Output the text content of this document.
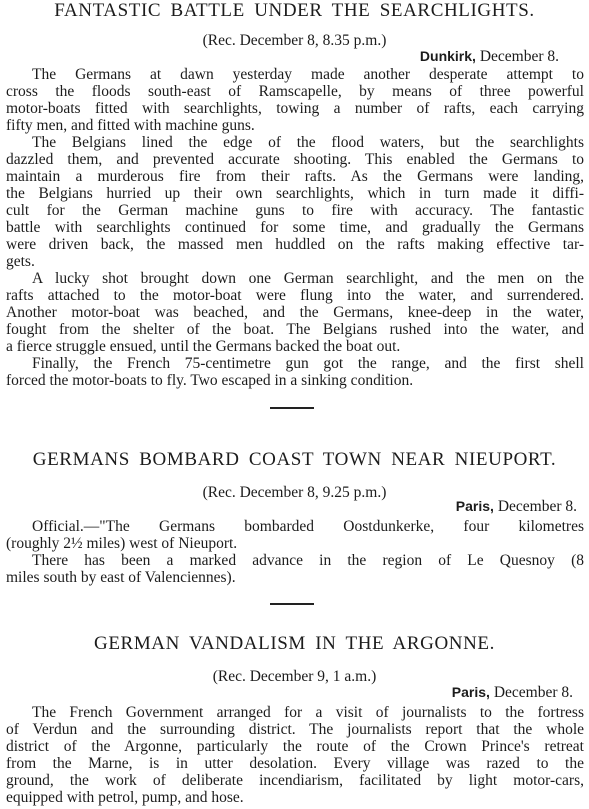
FANTASTIC BATTLE UNDER THE SEARCHLIGHTS.

(Rec. December 8, 8.35 p.m.)

Dunkirk, December 8.

The Germans at dawn yesterday made another desperate attempt to

cross the floods south-east of Ramscapelle, by means of three powerful

motor-boats fitted with searchlights, towing a number of rafts, each carrying

fifty men, and fitted with machine guns.

The Belgians lined the edge of the flood waters, but the searchlights

dazzled them, and prevented accurate shooting. This enabled the Germans to

maintain a murderous fire from their rafts. As the Germans were landing,

the Belgians hurried up their own searchlights, which in turn made it diffi-

cult for the German machine guns to fire with accuracy. The fantastic

battle with searchlights continued for some time, and gradually the Germans

were driven back, the massed men huddled on the rafts making effective tar-

gets.

A lucky shot brought down one German searchlight, and the men on the

rafts attached to the motor-boat were flung into the water, and surrendered.

Another motor-boat was beached, and the Germans, knee-deep in the water,

fought from the shelter of the boat. The Belgians rushed into the water, and

a fierce struggle ensued, until the Germans backed the boat out.

Finally, the French 75-centimetre gun got the range, and the first shell

forced the motor-boats to fly. Two escaped in a sinking condition.

GERMANS BOMBARD COAST TOWN NEAR NIEUPORT.

(Rec. December 8, 9.25 p.m.)

Paris, December 8.

Official.—"The Germans bombarded Oostdunkerke, four kilometres

(roughly 2½ miles) west of Nieuport.

There has been a marked advance in the region of Le Quesnoy (8

miles south by east of Valenciennes).

GERMAN VANDALISM IN THE ARGONNE.

(Rec. December 9, 1 a.m.)

Paris, December 8.

The French Government arranged for a visit of journalists to the fortress

of Verdun and the surrounding district. The journalists report that the whole

district of the Argonne, particularly the route of the Crown Prince's retreat

from the Marne, is in utter desolation. Every village was razed to the

ground, the work of deliberate incendiarism, facilitated by light motor-cars,

equipped with petrol, pump, and hose.
